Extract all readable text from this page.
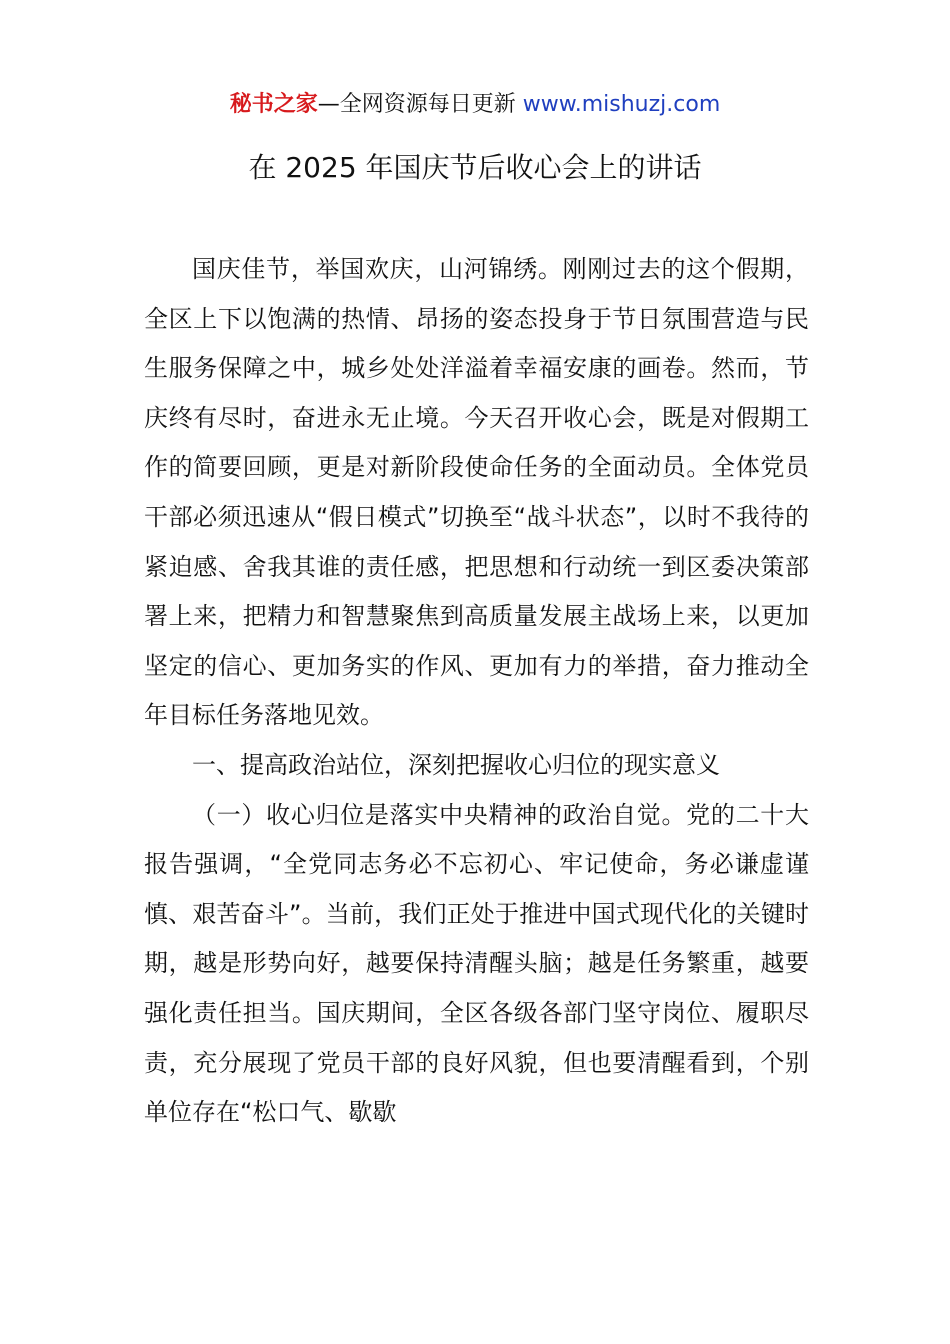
秘书之家—全网资源每日更新 www.mishuzj.com
在 2025 年国庆节后收心会上的讲话

国庆佳节，举国欢庆，山河锦绣。刚刚过去的这个假期，全区上下以饱满的热情、昂扬的姿态投身于节日氛围营造与民生服务保障之中，城乡处处洋溢着幸福安康的画卷。然而，节庆终有尽时，奋进永无止境。今天召开收心会，既是对假期工作的简要回顾，更是对新阶段使命任务的全面动员。全体党员干部必须迅速从“假日模式”切换至“战斗状态”，以时不我待的紧迫感、舍我其谁的责任感，把思想和行动统一到区委决策部署上来，把精力和智慧聚焦到高质量发展主战场上来，以更加坚定的信心、更加务实的作风、更加有力的举措，奋力推动全年目标任务落地见效。

一、提高政治站位，深刻把握收心归位的现实意义

（一）收心归位是落实中央精神的政治自觉。党的二十大报告强调，“全党同志务必不忘初心、牢记使命，务必谦虚谨慎、艰苦奋斗”。当前，我们正处于推进中国式现代化的关键时期，越是形势向好，越要保持清醒头脑；越是任务繁重，越要强化责任担当。国庆期间，全区各级各部门坚守岗位、履职尽责，充分展现了党员干部的良好风貌，但也要清醒看到，个别单位存在“松口气、歇歇
